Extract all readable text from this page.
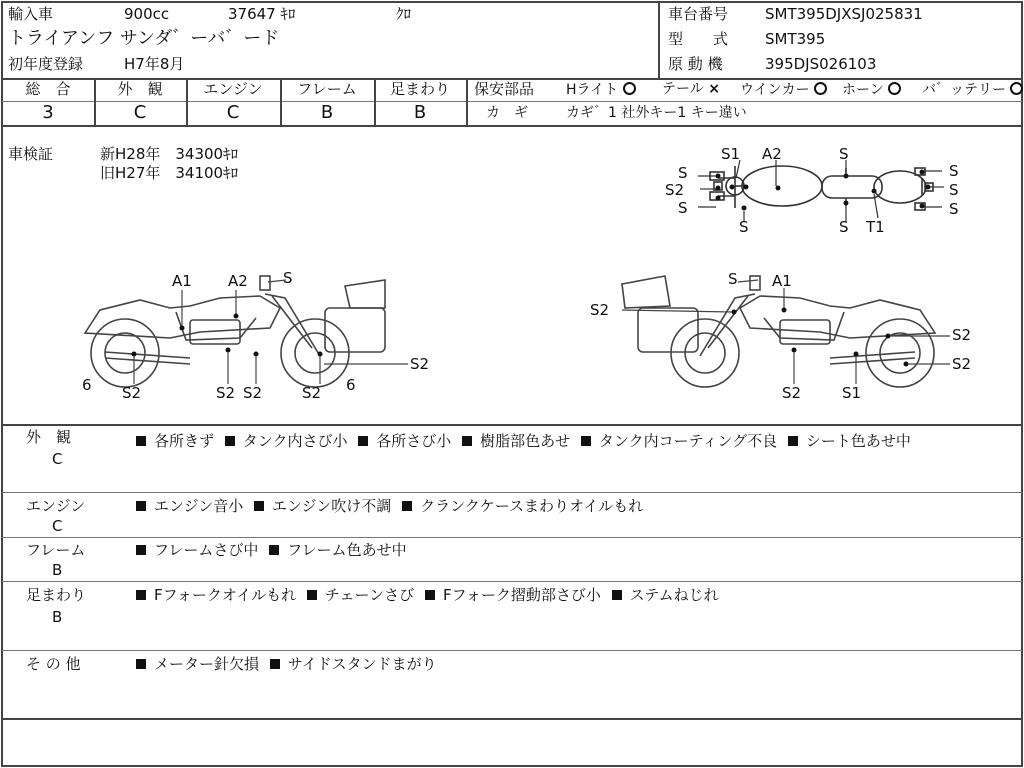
輸入車	900cc	37647 ｷﾛ	ｸﾛ
トライアンフ サンダ゛ーバ゛ード
初年度登録	H7年8月
車台番号 SMT395DJXSJ025831
型　　式 SMT395
原 動 機	395DJS026103
総　合	外　観	エンジン	フレーム	足まわり
3	C	C	B	B
保安部品 Hライト	テール × ウインカー	ホーン	バ゛ッテリー
カ　ギ	カギ゛1 社外キー1 キー違い
車検証	新H28年　34300ｷﾛ
旧H27年　34100ｷﾛ
S1 A2	S
S
S2
S
S	S
S
S
S
T1
A1 A2 S
S2
6 S2	S2 S2	S2 6
S A1
S2
S2
S2
S2	S1
外　観
C
各所きず タンク内さび小 各所さび小 樹脂部色あせ タンク内コーティング不良 シート色あせ中
エンジン
C
エンジン音小 エンジン吹け不調 クランクケースまわりオイルもれ
フレーム
B
フレームさび中 フレーム色あせ中
足まわり
B
Fフォークオイルもれ チェーンさび Fフォーク摺動部さび小 ステムねじれ
そ の 他	メーター針欠損 サイドスタンドまがり
